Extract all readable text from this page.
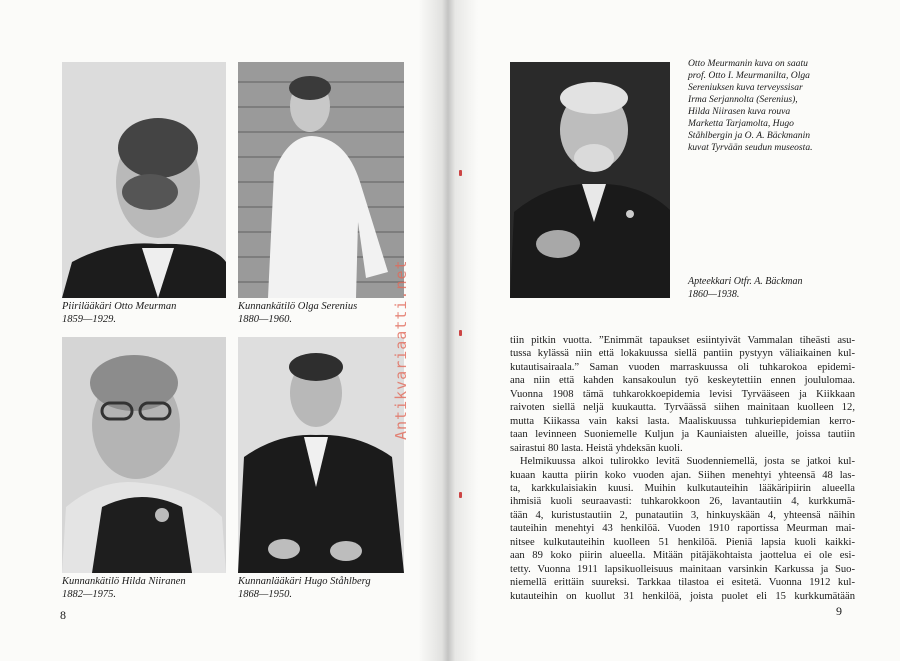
Piirilääkäri Otto Meurman
1859—1929.
Kunnankätilö Olga Serenius
1880—1960.
Kunnankätilö Hilda Niiranen
1882—1975.
Kunnanlääkäri Hugo Ståhlberg
1868—1950.
8
Antikvariaatti.net
Otto Meurmanin kuva on saatu
prof. Otto I. Meurmanilta, Olga
Sereniuksen kuva terveyssisar
Irma Serjannolta (Serenius),
Hilda Niirasen kuva rouva
Marketta Tarjamolta, Hugo
Ståhlbergin ja O. A. Bäckmanin
kuvat Tyrvään seudun museosta.
Apteekkari Otfr. A. Bäckman
1860—1938.
tiin pitkin vuotta. ”Enimmät tapaukset esiintyivät Vammalan tiheästi asu-
tussa kylässä niin että lokakuussa siellä pantiin pystyyn väliaikainen kul-
kutautisairaala.” Saman vuoden marraskuussa oli tuhkarokoa epidemi-
ana niin että kahden kansakoulun työ keskeytettiin ennen joululomaa.
Vuonna 1908 tämä tuhkarokkoepidemia levisi Tyrvääseen ja Kiikkaan
raivoten siellä neljä kuukautta. Tyrväässä siihen mainitaan kuolleen 12,
mutta Kiikassa vain kaksi lasta. Maaliskuussa tuhkuriepidemian kerro-
taan levinneen Suoniemelle Kuljun ja Kauniaisten alueille, joissa tautiin
sairastui 80 lasta. Heistä yhdeksän kuoli.
Helmikuussa alkoi tulirokko levitä Suodenniemellä, josta se jatkoi kul-
kuaan kautta piirin koko vuoden ajan. Siihen menehtyi yhteensä 48 las-
ta, karkkulaisiakin kuusi. Muihin kulkutauteihin lääkäripiirin alueella
ihmisiä kuoli seuraavasti: tuhkarokkoon 26, lavantautiin 4, kurkkumä-
tään 4, kuristustautiin 2, punatautiin 3, hinkuyskään 4, yhteensä näihin
tauteihin menehtyi 43 henkilöä. Vuoden 1910 raportissa Meurman mai-
nitsee kulkutauteihin kuolleen 51 henkilöä. Pieniä lapsia kuoli kaikki-
aan 89 koko piirin alueella. Mitään pitäjäkohtaista jaottelua ei ole esi-
tetty. Vuonna 1911 lapsikuolleisuus mainitaan varsinkin Karkussa ja Suo-
niemellä erittäin suureksi. Tarkkaa tilastoa ei esitetä. Vuonna 1912 kul-
kutauteihin on kuollut 31 henkilöä, joista puolet eli 15 kurkkumätään
9
